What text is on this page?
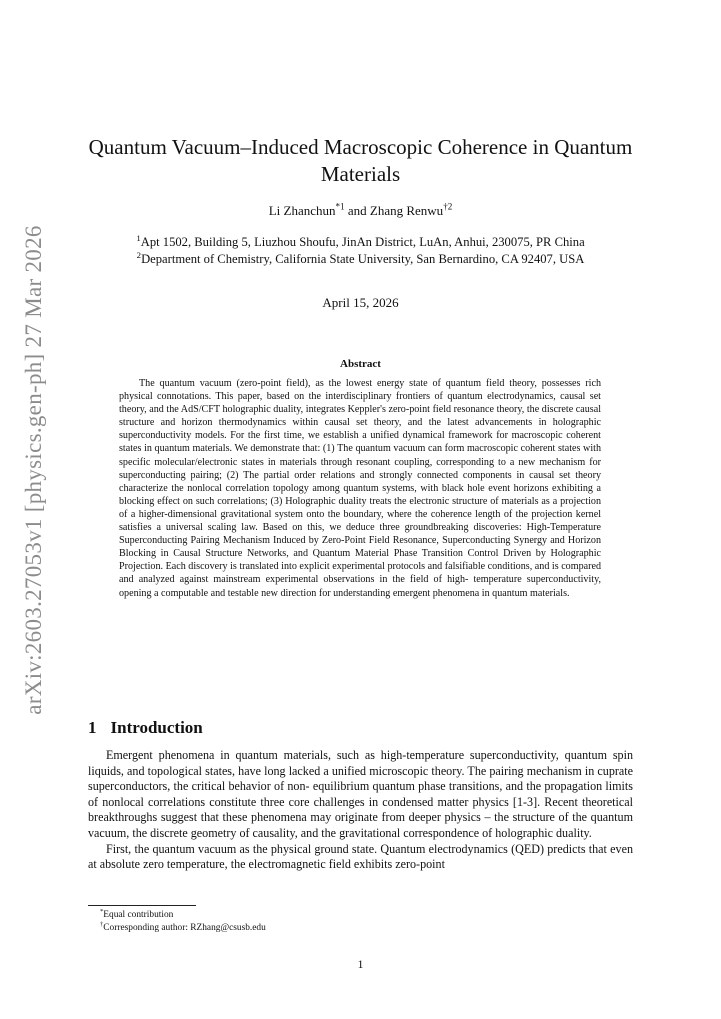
arXiv:2603.27053v1 [physics.gen-ph] 27 Mar 2026
Quantum Vacuum–Induced Macroscopic Coherence in Quantum Materials
Li Zhanchun$^{*1}$ and Zhang Renwu$^{\dagger 2}$
$^1$Apt 1502, Building 5, Liuzhou Shoufu, JinAn District, LuAn, Anhui, 230075, PR China
$^2$Department of Chemistry, California State University, San Bernardino, CA 92407, USA
April 15, 2026
Abstract
The quantum vacuum (zero-point field), as the lowest energy state of quantum field theory, possesses rich physical connotations. This paper, based on the interdisciplinary frontiers of quantum electrodynamics, causal set theory, and the AdS/CFT holographic duality, integrates Keppler's zero-point field resonance theory, the discrete causal structure and horizon thermodynamics within causal set theory, and the latest advancements in holographic superconductivity models. For the first time, we establish a unified dynamical framework for macroscopic coherent states in quantum materials. We demonstrate that: (1) The quantum vacuum can form macroscopic coherent states with specific molecular/electronic states in materials through resonant coupling, corresponding to a new mechanism for superconducting pairing; (2) The partial order relations and strongly connected components in causal set theory characterize the nonlocal correlation topology among quantum systems, with black hole event horizons exhibiting a blocking effect on such correlations; (3) Holographic duality treats the electronic structure of materials as a projection of a higher-dimensional gravitational system onto the boundary, where the coherence length of the projection kernel satisfies a universal scaling law. Based on this, we deduce three groundbreaking discoveries: High-Temperature Superconducting Pairing Mechanism Induced by Zero-Point Field Resonance, Superconducting Synergy and Horizon Blocking in Causal Structure Networks, and Quantum Material Phase Transition Control Driven by Holographic Projection. Each discovery is translated into explicit experimental protocols and falsifiable conditions, and is compared and analyzed against mainstream experimental observations in the field of high- temperature superconductivity, opening a computable and testable new direction for understanding emergent phenomena in quantum materials.
1 Introduction

Emergent phenomena in quantum materials, such as high-temperature superconductivity, quantum spin liquids, and topological states, have long lacked a unified microscopic theory. The pairing mechanism in cuprate superconductors, the critical behavior of non- equilibrium quantum phase transitions, and the propagation limits of nonlocal correlations constitute three core challenges in condensed matter physics [1-3]. Recent theoretical breakthroughs suggest that these phenomena may originate from deeper physics – the structure of the quantum vacuum, the discrete geometry of causality, and the gravitational correspondence of holographic duality.

First, the quantum vacuum as the physical ground state. Quantum electrodynamics (QED) predicts that even at absolute zero temperature, the electromagnetic field exhibits zero-point

*Equal contribution
†Corresponding author: RZhang@csusb.edu
1
